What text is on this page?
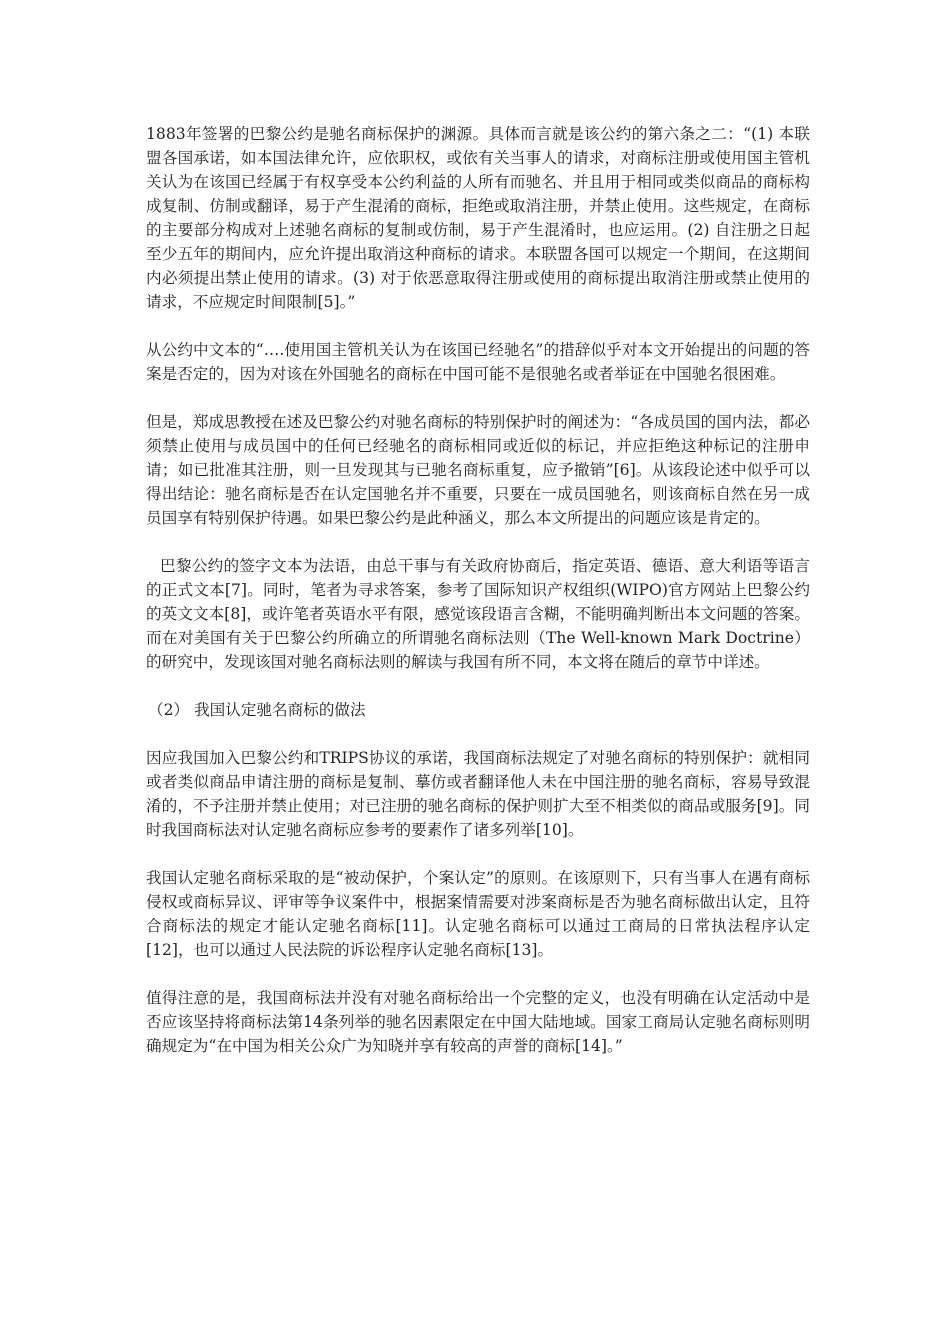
1883年签署的巴黎公约是驰名商标保护的渊源。具体而言就是该公约的第六条之二：“(1) 本联盟各国承诺，如本国法律允许，应依职权，或依有关当事人的请求，对商标注册或使用国主管机关认为在该国已经属于有权享受本公约利益的人所有而驰名、并且用于相同或类似商品的商标构成复制、仿制或翻译，易于产生混淆的商标，拒绝或取消注册，并禁止使用。这些规定，在商标的主要部分构成对上述驰名商标的复制或仿制，易于产生混淆时，也应运用。(2) 自注册之日起至少五年的期间内，应允许提出取消这种商标的请求。本联盟各国可以规定一个期间，在这期间内必须提出禁止使用的请求。(3) 对于依恶意取得注册或使用的商标提出取消注册或禁止使用的请求，不应规定时间限制[5]。”

从公约中文本的“….使用国主管机关认为在该国已经驰名”的措辞似乎对本文开始提出的问题的答案是否定的，因为对该在外国驰名的商标在中国可能不是很驰名或者举证在中国驰名很困难。

但是，郑成思教授在述及巴黎公约对驰名商标的特别保护时的阐述为：“各成员国的国内法，都必须禁止使用与成员国中的任何已经驰名的商标相同或近似的标记，并应拒绝这种标记的注册申请；如已批准其注册，则一旦发现其与已驰名商标重复，应予撤销”[6]。从该段论述中似乎可以得出结论：驰名商标是否在认定国驰名并不重要，只要在一成员国驰名，则该商标自然在另一成员国享有特别保护待遇。如果巴黎公约是此种涵义，那么本文所提出的问题应该是肯定的。

巴黎公约的签字文本为法语，由总干事与有关政府协商后，指定英语、德语、意大利语等语言的正式文本[7]。同时，笔者为寻求答案，参考了国际知识产权组织(WIPO)官方网站上巴黎公约的英文文本[8]，或许笔者英语水平有限，感觉该段语言含糊，不能明确判断出本文问题的答案。而在对美国有关于巴黎公约所确立的所谓驰名商标法则（The Well-known Mark Doctrine）的研究中，发现该国对驰名商标法则的解读与我国有所不同，本文将在随后的章节中详述。

（2） 我国认定驰名商标的做法

因应我国加入巴黎公约和TRIPS协议的承诺，我国商标法规定了对驰名商标的特别保护：就相同或者类似商品申请注册的商标是复制、摹仿或者翻译他人未在中国注册的驰名商标，容易导致混淆的，不予注册并禁止使用；对已注册的驰名商标的保护则扩大至不相类似的商品或服务[9]。同时我国商标法对认定驰名商标应参考的要素作了诸多列举[10]。

我国认定驰名商标采取的是“被动保护，个案认定”的原则。在该原则下，只有当事人在遇有商标侵权或商标异议、评审等争议案件中，根据案情需要对涉案商标是否为驰名商标做出认定，且符合商标法的规定才能认定驰名商标[11]。认定驰名商标可以通过工商局的日常执法程序认定[12]，也可以通过人民法院的诉讼程序认定驰名商标[13]。

值得注意的是，我国商标法并没有对驰名商标给出一个完整的定义，也没有明确在认定活动中是否应该坚持将商标法第14条列举的驰名因素限定在中国大陆地域。国家工商局认定驰名商标则明确规定为“在中国为相关公众广为知晓并享有较高的声誉的商标[14]。”
